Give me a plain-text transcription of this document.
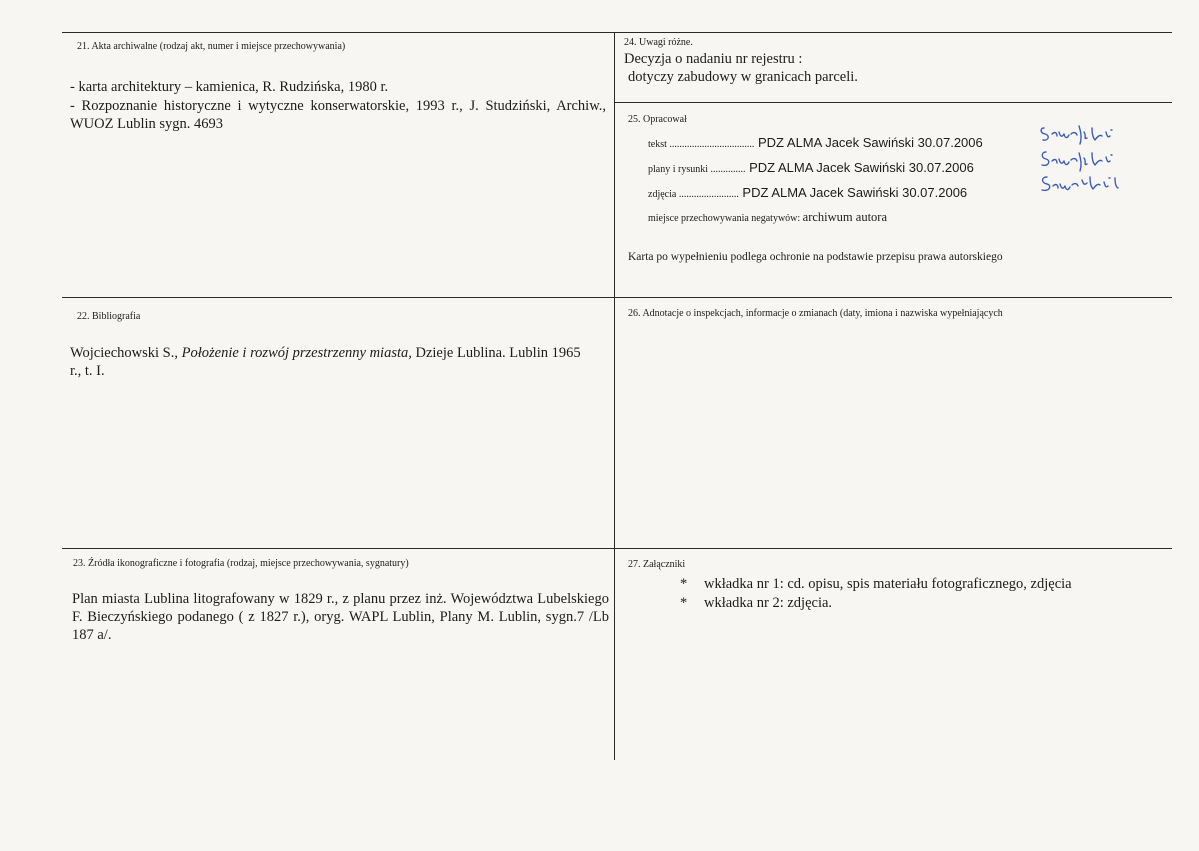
21. Akta archiwalne (rodzaj akt, numer i miejsce przechowywania)
- karta architektury – kamienica, R. Rudzińska, 1980 r.
- Rozpoznanie historyczne i wytyczne konserwatorskie, 1993 r., J. Studziński, Archiw., WUOZ Lublin sygn. 4693
24. Uwagi różne.
Decyzja o nadaniu nr rejestru :
dotyczy zabudowy w granicach parceli.
25. Opracował
tekst .................................. PDZ ALMA Jacek Sawiński 30.07.2006
plany i rysunki .............. PDZ ALMA Jacek Sawiński 30.07.2006
zdjęcia ........................ PDZ ALMA Jacek Sawiński 30.07.2006
miejsce przechowywania negatywów: archiwum autora
Karta po wypełnieniu podlega ochronie na podstawie przepisu prawa autorskiego
22. Bibliografia
Wojciechowski S., Położenie i rozwój przestrzenny miasta, Dzieje Lublina. Lublin 1965 r., t. I.
26. Adnotacje o inspekcjach, informacje o zmianach (daty, imiona i nazwiska wypełniających
23. Źródła ikonograficzne i fotografia (rodzaj, miejsce przechowywania, sygnatury)
Plan miasta Lublina litografowany w 1829 r., z planu przez inż. Województwa Lubelskiego F. Bieczyńskiego podanego ( z 1827 r.), oryg. WAPL Lublin, Plany M. Lublin, sygn.7 /Lb 187 a/.
27. Załączniki
* wkładka nr 1: cd. opisu, spis materiału fotograficznego, zdjęcia
* wkładka nr 2: zdjęcia.
